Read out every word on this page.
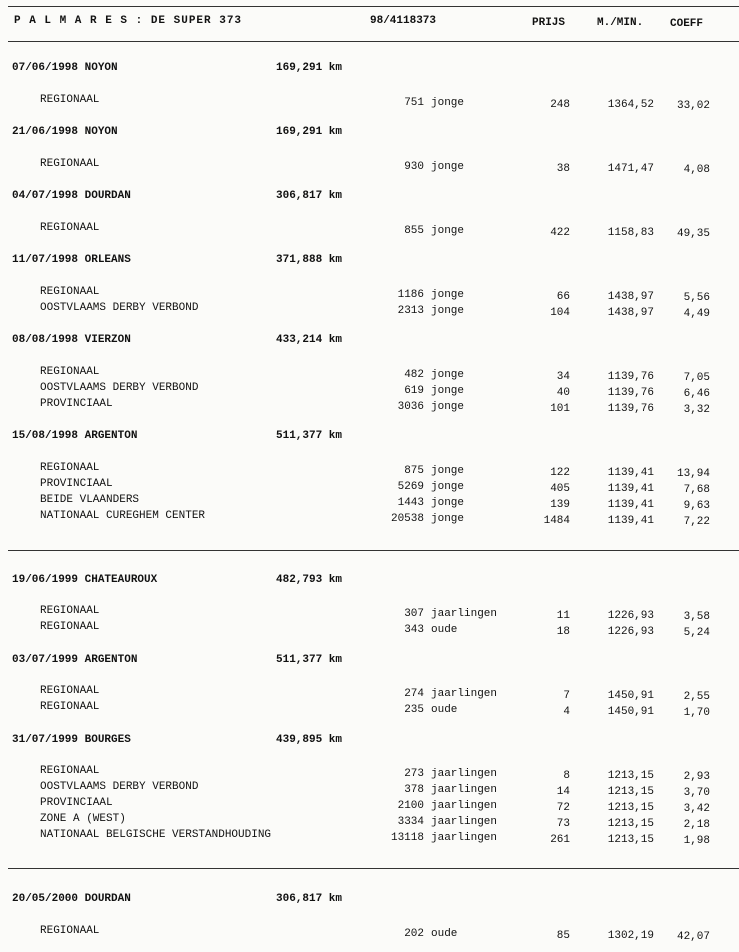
P A L M A R E S : DE SUPER 373	98/4118373	PRIJS	M./MIN. COEFF
07/06/1998 NOYON	169,291 km
REGIONAAL	751 jonge	248	1364,52	33,02
21/06/1998 NOYON	169,291 km
REGIONAAL	930 jonge	38	1471,47	4,08
04/07/1998 DOURDAN	306,817 km
REGIONAAL	855 jonge	422	1158,83	49,35
11/07/1998 ORLEANS	371,888 km
REGIONAAL	1186 jonge	66	1438,97	5,56
OOSTVLAAMS DERBY VERBOND	2313 jonge	104	1438,97	4,49
08/08/1998 VIERZON	433,214 km
REGIONAAL	482 jonge	34	1139,76	7,05
OOSTVLAAMS DERBY VERBOND	619 jonge	40	1139,76	6,46
PROVINCIAAL	3036 jonge	101	1139,76	3,32
15/08/1998 ARGENTON	511,377 km
REGIONAAL	875 jonge	122	1139,41	13,94
PROVINCIAAL	5269 jonge	405	1139,41	7,68
BEIDE VLAANDERS	1443 jonge	139	1139,41	9,63
NATIONAAL CUREGHEM CENTER	20538 jonge	1484	1139,41	7,22
19/06/1999 CHATEAUROUX	482,793 km
REGIONAAL	307 jaarlingen	11	1226,93	3,58
REGIONAAL	343 oude	18	1226,93	5,24
03/07/1999 ARGENTON	511,377 km
REGIONAAL	274 jaarlingen	7	1450,91	2,55
REGIONAAL	235 oude	4	1450,91	1,70
31/07/1999 BOURGES	439,895 km
REGIONAAL	273 jaarlingen	8	1213,15	2,93
OOSTVLAAMS DERBY VERBOND	378 jaarlingen	14	1213,15	3,70
PROVINCIAAL	2100 jaarlingen	72	1213,15	3,42
ZONE A (WEST)	3334 jaarlingen	73	1213,15	2,18
NATIONAAL BELGISCHE VERSTANDHOUDING	13118 jaarlingen	261	1213,15	1,98
20/05/2000 DOURDAN	306,817 km
REGIONAAL	202 oude	85	1302,19	42,07
